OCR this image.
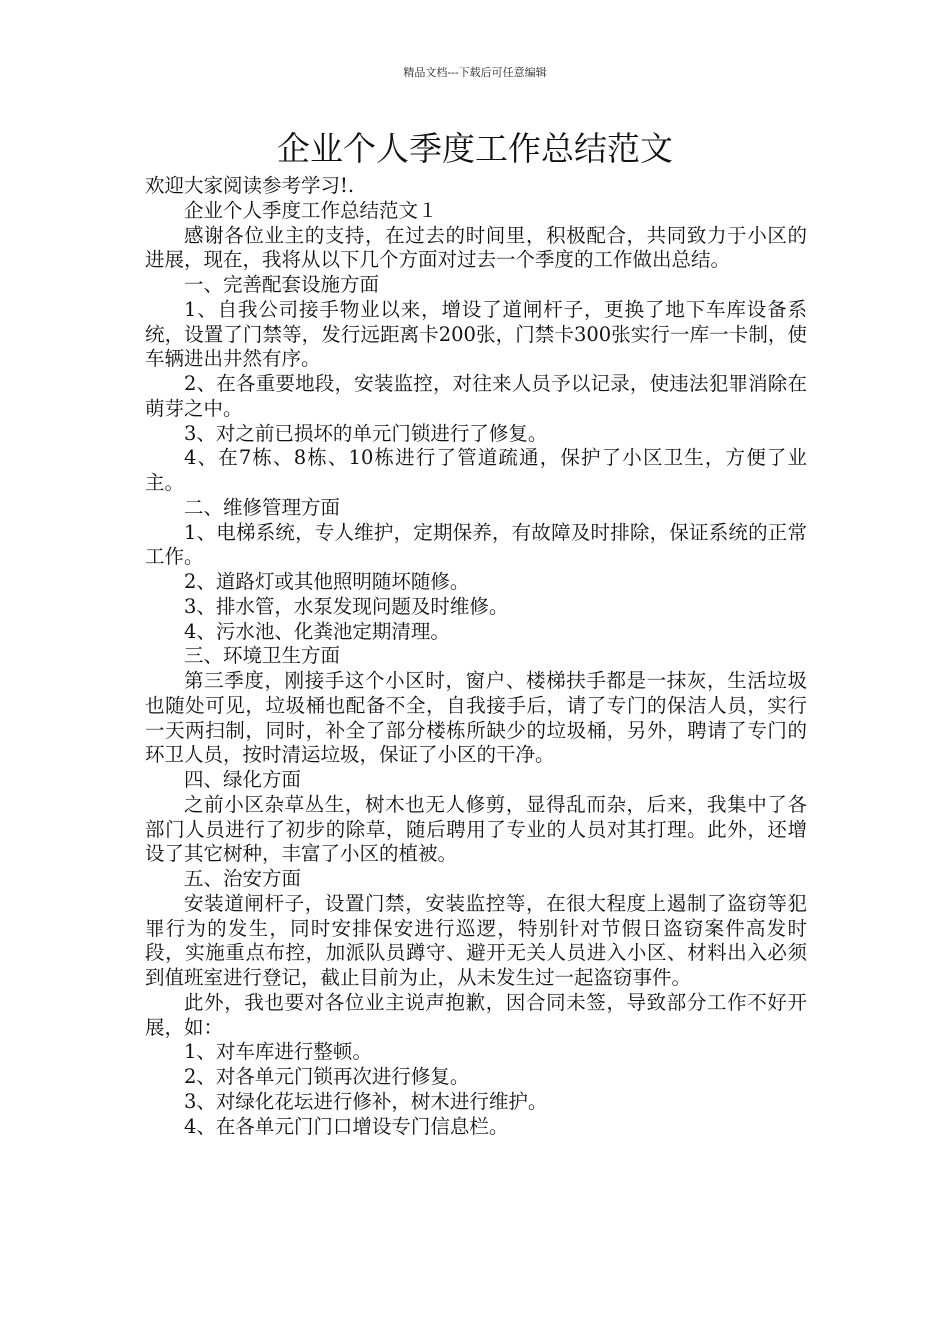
精品文档---下载后可任意编辑
企业个人季度工作总结范文

欢迎大家阅读参考学习!.

企业个人季度工作总结范文１

感谢各位业主的支持，在过去的时间里，积极配合，共同致力于小区的进展，现在，我将从以下几个方面对过去一个季度的工作做出总结。

一、完善配套设施方面

1、自我公司接手物业以来，增设了道闸杆子，更换了地下车库设备系统，设置了门禁等，发行远距离卡200张，门禁卡300张实行一库一卡制，使车辆进出井然有序。

2、在各重要地段，安装监控，对往来人员予以记录，使违法犯罪消除在萌芽之中。

3、对之前已损坏的单元门锁进行了修复。

4、在7栋、8栋、10栋进行了管道疏通，保护了小区卫生，方便了业主。

二、维修管理方面

1、电梯系统，专人维护，定期保养，有故障及时排除，保证系统的正常工作。

2、道路灯或其他照明随坏随修。

3、排水管，水泵发现问题及时维修。

4、污水池、化粪池定期清理。

三、环境卫生方面

第三季度，刚接手这个小区时，窗户、楼梯扶手都是一抹灰，生活垃圾也随处可见，垃圾桶也配备不全，自我接手后，请了专门的保洁人员，实行一天两扫制，同时，补全了部分楼栋所缺少的垃圾桶，另外，聘请了专门的环卫人员，按时清运垃圾，保证了小区的干净。

四、绿化方面

之前小区杂草丛生，树木也无人修剪，显得乱而杂，后来，我集中了各部门人员进行了初步的除草，随后聘用了专业的人员对其打理。此外，还增设了其它树种，丰富了小区的植被。

五、治安方面

安装道闸杆子，设置门禁，安装监控等，在很大程度上遏制了盗窃等犯罪行为的发生，同时安排保安进行巡逻，特别针对节假日盗窃案件高发时段，实施重点布控，加派队员蹲守、避开无关人员进入小区、材料出入必须到值班室进行登记，截止目前为止，从未发生过一起盗窃事件。

此外，我也要对各位业主说声抱歉，因合同未签，导致部分工作不好开展，如：

1、对车库进行整顿。

2、对各单元门锁再次进行修复。

3、对绿化花坛进行修补，树木进行维护。

4、在各单元门门口增设专门信息栏。
